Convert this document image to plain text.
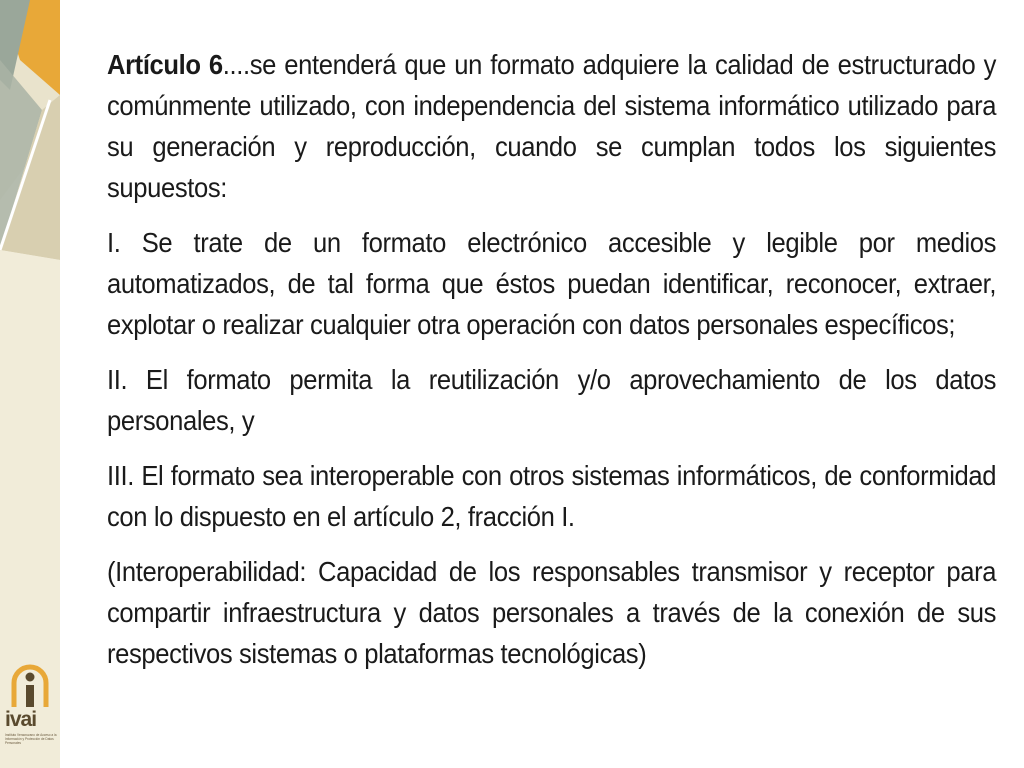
ivai
Instituto Veracruzano de Acceso a la Información y Protección de Datos Personales

Artículo 6....se entenderá que un formato adquiere la calidad de estructurado y comúnmente utilizado, con independencia del sistema informático utilizado para su generación y reproducción, cuando se cumplan todos los siguientes supuestos:

I. Se trate de un formato electrónico accesible y legible por medios automatizados, de tal forma que éstos puedan identificar, reconocer, extraer, explotar o realizar cualquier otra operación con datos personales específicos;

II. El formato permita la reutilización y/o aprovechamiento de los datos personales, y

III. El formato sea interoperable con otros sistemas informáticos, de conformidad con lo dispuesto en el artículo 2, fracción I.

(Interoperabilidad: Capacidad de los responsables transmisor y receptor para compartir infraestructura y datos personales a través de la conexión de sus respectivos sistemas o plataformas tecnológicas)
